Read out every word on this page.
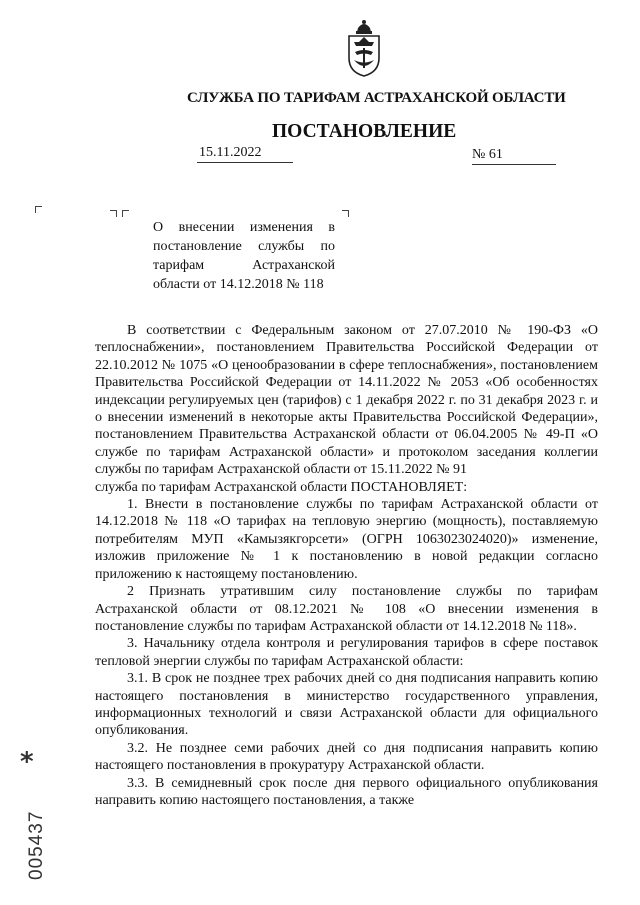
СЛУЖБА ПО ТАРИФАМ АСТРАХАНСКОЙ ОБЛАСТИ
ПОСТАНОВЛЕНИЕ
15.11.2022	№ 61
О внесении изменения в
постановление службы по
тарифам Астраханской
области от 14.12.2018 № 118

В соответствии с Федеральным законом от 27.07.2010 № 190-ФЗ «О теплоснабжении», постановлением Правительства Российской Федерации от 22.10.2012 № 1075 «О ценообразовании в сфере теплоснабжения», постановлением Правительства Российской Федерации от 14.11.2022 № 2053 «Об особенностях индексации регулируемых цен (тарифов) с 1 декабря 2022 г. по 31 декабря 2023 г. и о внесении изменений в некоторые акты Правительства Российской Федерации», постановлением Правительства Астраханской области от 06.04.2005 № 49-П «О службе по тарифам Астраханской области» и протоколом заседания коллегии службы по тарифам Астраханской области от 15.11.2022 № 91

служба по тарифам Астраханской области ПОСТАНОВЛЯЕТ:

1. Внести в постановление службы по тарифам Астраханской области от 14.12.2018 № 118 «О тарифах на тепловую энергию (мощность), поставляемую потребителям МУП «Камызякгорсети» (ОГРН 1063023024020)» изменение, изложив приложение № 1 к постановлению в новой редакции согласно приложению к настоящему постановлению.

2 Признать утратившим силу постановление службы по тарифам Астраханской области от 08.12.2021 № 108 «О внесении изменения в постановление службы по тарифам Астраханской области от 14.12.2018 № 118».

3. Начальнику отдела контроля и регулирования тарифов в сфере поставок тепловой энергии службы по тарифам Астраханской области:

3.1. В срок не позднее трех рабочих дней со дня подписания направить копию настоящего постановления в министерство государственного управления, информационных технологий и связи Астраханской области для официального опубликования.

3.2. Не позднее семи рабочих дней со дня подписания направить копию настоящего постановления в прокуратуру Астраханской области.

3.3. В семидневный срок после дня первого официального опубликования направить копию настоящего постановления, а также

*
005437
